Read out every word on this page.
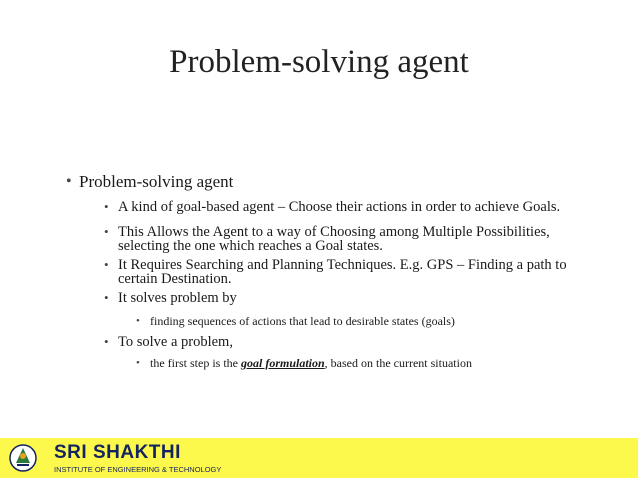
Problem-solving agent
• Problem-solving agent
• A kind of goal-based agent – Choose their actions in order to achieve Goals.
• This Allows the Agent to a way of Choosing among Multiple Possibilities, selecting the one which reaches a Goal states.
• It Requires Searching and Planning Techniques. E.g. GPS – Finding a path to certain Destination.
• It solves problem by
• finding sequences of actions that lead to desirable states (goals)
• To solve a problem,
• the first step is the goal formulation, based on the current situation
SRI SHAKTHI
INSTITUTE OF ENGINEERING & TECHNOLOGY
